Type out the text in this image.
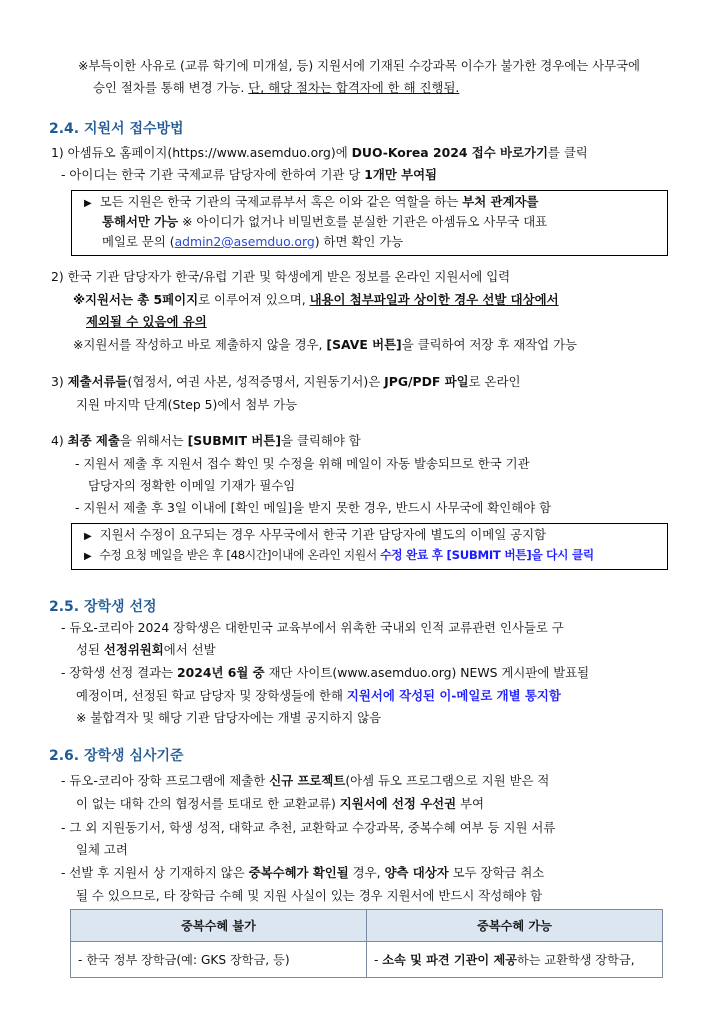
※부득이한 사유로 (교류 학기에 미개설, 등) 지원서에 기재된 수강과목 이수가 불가한 경우에는 사무국에
승인 절차를 통해 변경 가능. 단, 해당 절차는 합격자에 한 해 진행됨.
2.4. 지원서 접수방법
1) 아셈듀오 홈페이지(https://www.asemduo.org)에 DUO-Korea 2024 접수 바로가기를 클릭
- 아이디는 한국 기관 국제교류 담당자에 한하여 기관 당 1개만 부여됨
▶ 모든 지원은 한국 기관의 국제교류부서 혹은 이와 같은 역할을 하는 부처 관계자를
통해서만 가능 ※ 아이디가 없거나 비밀번호를 분실한 기관은 아셈듀오 사무국 대표
메일로 문의 (admin2@asemduo.org) 하면 확인 가능
2) 한국 기관 담당자가 한국/유럽 기관 및 학생에게 받은 정보를 온라인 지원서에 입력
※지원서는 총 5페이지로 이루어져 있으며, 내용이 첨부파일과 상이한 경우 선발 대상에서
제외될 수 있음에 유의
※지원서를 작성하고 바로 제출하지 않을 경우, [SAVE 버튼]을 클릭하여 저장 후 재작업 가능
3) 제출서류들(협정서, 여권 사본, 성적증명서, 지원동기서)은 JPG/PDF 파일로 온라인
지원 마지막 단계(Step 5)에서 첨부 가능
4) 최종 제출을 위해서는 [SUBMIT 버튼]을 클릭해야 함
- 지원서 제출 후 지원서 접수 확인 및 수정을 위해 메일이 자동 발송되므로 한국 기관
담당자의 정확한 이메일 기재가 필수임
- 지원서 제출 후 3일 이내에 [확인 메일]을 받지 못한 경우, 반드시 사무국에 확인해야 함
▶ 지원서 수정이 요구되는 경우 사무국에서 한국 기관 담당자에 별도의 이메일 공지함
▶ 수정 요청 메일을 받은 후 [48시간]이내에 온라인 지원서 수정 완료 후 [SUBMIT 버튼]을 다시 클릭
2.5. 장학생 선정
- 듀오-코리아 2024 장학생은 대한민국 교육부에서 위촉한 국내외 인적 교류관련 인사들로 구
성된 선정위원회에서 선발
- 장학생 선정 결과는 2024년 6월 중 재단 사이트(www.asemduo.org) NEWS 게시판에 발표될
예정이며, 선정된 학교 담당자 및 장학생들에 한해 지원서에 작성된 이-메일로 개별 통지함
※ 불합격자 및 해당 기관 담당자에는 개별 공지하지 않음
2.6. 장학생 심사기준
- 듀오-코리아 장학 프로그램에 제출한 신규 프로젝트(아셈 듀오 프로그램으로 지원 받은 적
이 없는 대학 간의 협정서를 토대로 한 교환교류) 지원서에 선정 우선권 부여
- 그 외 지원동기서, 학생 성적, 대학교 추천, 교환학교 수강과목, 중복수혜 여부 등 지원 서류
일체 고려
- 선발 후 지원서 상 기재하지 않은 중복수혜가 확인될 경우, 양측 대상자 모두 장학금 취소
될 수 있으므로, 타 장학금 수혜 및 지원 사실이 있는 경우 지원서에 반드시 작성해야 함
중복수혜 불가	중복수혜 가능
- 한국 정부 장학금(예: GKS 장학금, 등)	- 소속 및 파견 기관이 제공하는 교환학생 장학금,
